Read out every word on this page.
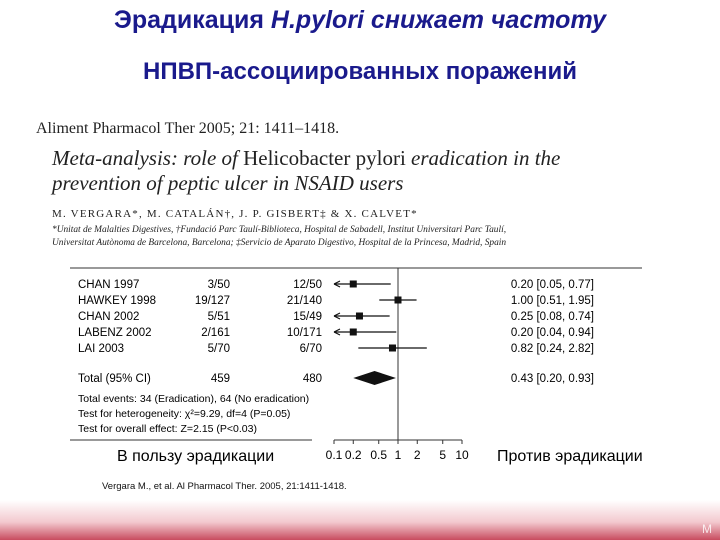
Эрадикация H.pylori снижает частоту
НПВП-ассоциированных поражений
Aliment Pharmacol Ther 2005; 21: 1411–1418.
Meta-analysis: role of Helicobacter pylori eradication in the
prevention of peptic ulcer in NSAID users
M. VERGARA*, M. CATALÁN†, J. P. GISBERT‡ & X. CALVET*
*Unitat de Malalties Digestives, †Fundació Parc Taulí-Biblioteca, Hospital de Sabadell, Institut Universitari Parc Taulí,
Universitat Autònoma de Barcelona, Barcelona; ‡Servicio de Aparato Digestivo, Hospital de la Princesa, Madrid, Spain
CHAN 1997	3/50	12/50	0.20 [0.05, 0.77]
HAWKEY 1998	19/127	21/140	1.00 [0.51, 1.95]
CHAN 2002	5/51	15/49	0.25 [0.08, 0.74]
LABENZ 2002	2/161	10/171	0.20 [0.04, 0.94]
LAI 2003	5/70	6/70	0.82 [0.24, 2.82]
Total (95% CI)	459	480	0.43 [0.20, 0.93]
Total events: 34 (Eradication), 64 (No eradication)
Test for heterogeneity: χ²=9.29, df=4 (P=0.05)
Test for overall effect: Z=2.15 (P<0.03)
0.1 0.2 0.5 1 2 5 10
В пользу эрадикации	Против эрадикации
Vergara M., et al. Al Pharmacol Ther. 2005, 21:1411-1418.
M
